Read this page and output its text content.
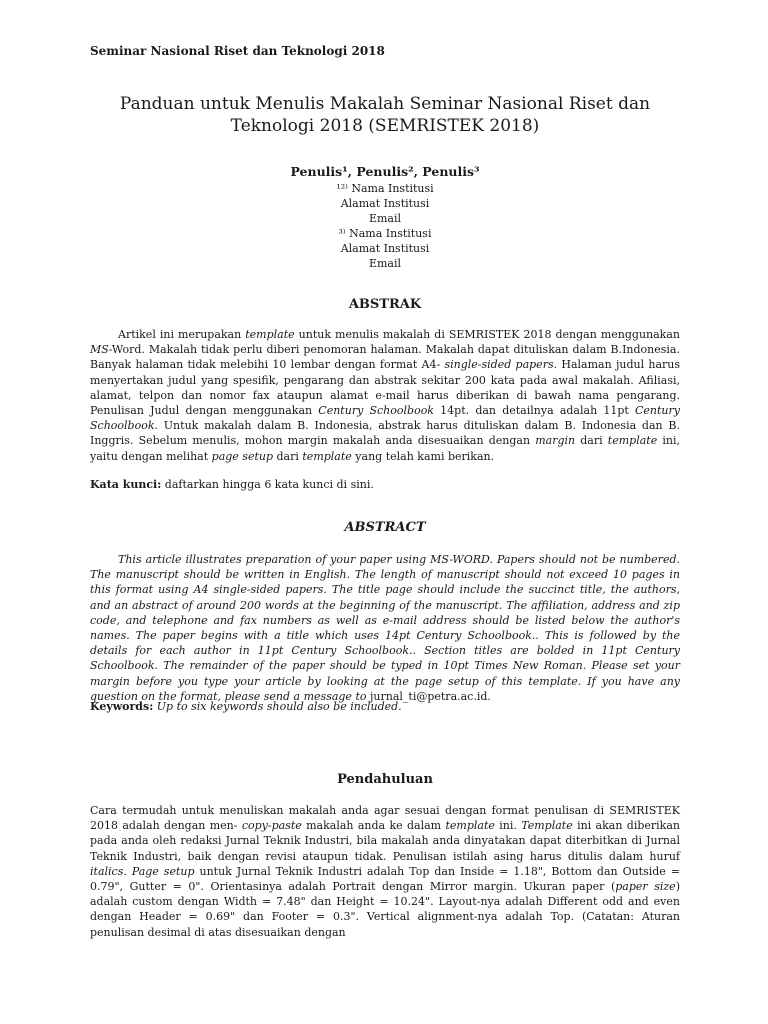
Seminar Nasional Riset dan Teknologi 2018
Panduan untuk Menulis Makalah Seminar Nasional Riset dan
Teknologi 2018 (SEMRISTEK 2018)
Penulis¹, Penulis², Penulis³
¹²⁾ Nama Institusi
Alamat Institusi
Email
³⁾ Nama Institusi
Alamat Institusi
Email
ABSTRAK
Artikel ini merupakan template untuk menulis makalah di SEMRISTEK 2018 dengan menggunakan MS-Word. Makalah tidak perlu diberi penomoran halaman. Makalah dapat dituliskan dalam B.Indonesia. Banyak halaman tidak melebihi 10 lembar dengan format A4- single-sided papers. Halaman judul harus menyertakan judul yang spesifik, pengarang dan abstrak sekitar 200 kata pada awal makalah. Afiliasi, alamat, telpon dan nomor fax ataupun alamat e-mail harus diberikan di bawah nama pengarang. Penulisan Judul dengan menggunakan Century Schoolbook 14pt. dan detailnya adalah 11pt Century Schoolbook. Untuk makalah dalam B. Indonesia, abstrak harus dituliskan dalam B. Indonesia dan B. Inggris. Sebelum menulis, mohon margin makalah anda disesuaikan dengan margin dari template ini, yaitu dengan melihat page setup dari template yang telah kami berikan.
Kata kunci: daftarkan hingga 6 kata kunci di sini.
ABSTRACT
This article illustrates preparation of your paper using MS-WORD. Papers should not be numbered. The manuscript should be written in English. The length of manuscript should not exceed 10 pages in this format using A4 single-sided papers. The title page should include the succinct title, the authors, and an abstract of around 200 words at the beginning of the manuscript. The affiliation, address and zip code, and telephone and fax numbers as well as e-mail address should be listed below the author's names. The paper begins with a title which uses 14pt Century Schoolbook.. This is followed by the details for each author in 11pt Century Schoolbook.. Section titles are bolded in 11pt Century Schoolbook. The remainder of the paper should be typed in 10pt Times New Roman. Please set your margin before you type your article by looking at the page setup of this template. If you have any question on the format, please send a message to jurnal_ti@petra.ac.id.
Keywords: Up to six keywords should also be included.
Pendahuluan
Cara termudah untuk menuliskan makalah anda agar sesuai dengan format penulisan di SEMRISTEK 2018 adalah dengan men- copy-paste makalah anda ke dalam template ini. Template ini akan diberikan pada anda oleh redaksi Jurnal Teknik Industri, bila makalah anda dinyatakan dapat diterbitkan di Jurnal Teknik Industri, baik dengan revisi ataupun tidak. Penulisan istilah asing harus ditulis dalam huruf italics. Page setup untuk Jurnal Teknik Industri adalah Top dan Inside = 1.18", Bottom dan Outside = 0.79", Gutter = 0". Orientasinya adalah Portrait dengan Mirror margin. Ukuran paper (paper size) adalah custom dengan Width = 7.48" dan Height = 10.24". Layout-nya adalah Different odd and even dengan Header = 0.69" dan Footer = 0.3". Vertical alignment-nya adalah Top. (Catatan: Aturan penulisan desimal di atas disesuaikan dengan
